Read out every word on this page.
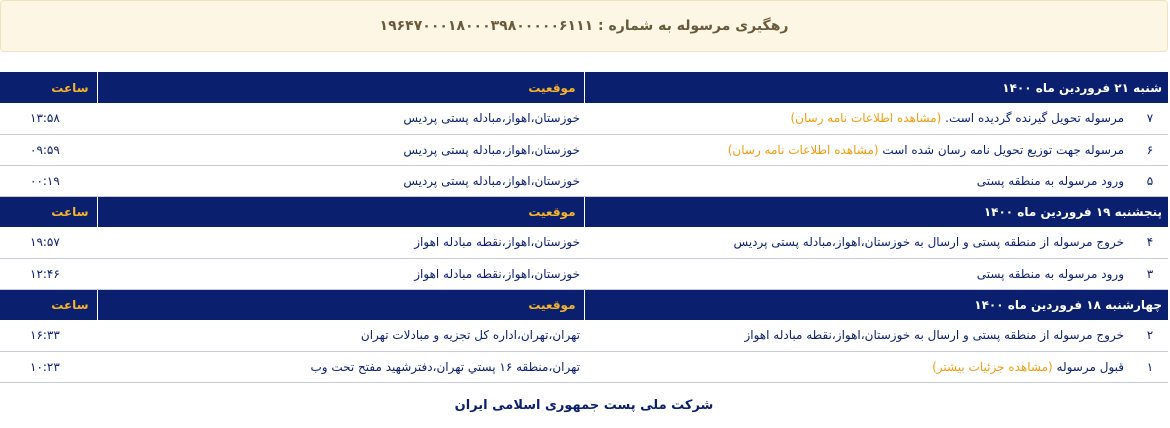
رهگیری مرسوله به شماره : ۱۹۶۴۷۰۰۰۱۸۰۰۰۳۹۸۰۰۰۰۰۶۱۱۱
شنبه ۲۱ فروردین ماه ۱۴۰۰		موقعیت	ساعت
۷	مرسوله تحویل گیرنده گردیده است. (مشاهده اطلاعات نامه رسان)	خوزستان،اهواز،مبادله پستی پردیس	۱۳:۵۸
۶	مرسوله جهت توزیع تحویل نامه رسان شده است (مشاهده اطلاعات نامه رسان)	خوزستان،اهواز،مبادله پستی پردیس	۰۹:۵۹
۵	ورود مرسوله به منطقه پستی	خوزستان،اهواز،مبادله پستی پردیس	۰۰:۱۹
پنجشنبه ۱۹ فروردین ماه ۱۴۰۰		موقعیت	ساعت
۴	خروج مرسوله از منطقه پستی و ارسال به خوزستان،اهواز،مبادله پستی پردیس	خوزستان،اهواز،نقطه مبادله اهواز	۱۹:۵۷
۳	ورود مرسوله به منطقه پستی	خوزستان،اهواز،نقطه مبادله اهواز	۱۲:۴۶
چهارشنبه ۱۸ فروردین ماه ۱۴۰۰		موقعیت	ساعت
۲	خروج مرسوله از منطقه پستی و ارسال به خوزستان،اهواز،نقطه مبادله اهواز	تهران،تهران،اداره کل تجزیه و مبادلات تهران	۱۶:۳۳
۱	قبول مرسوله (مشاهده جزئیات بیشتر)	تهران،منطقه ۱۶ پستي تهران،دفترشهید مفتح تحت وب	۱۰:۲۳
شرکت ملی پست جمهوری اسلامی ایران
